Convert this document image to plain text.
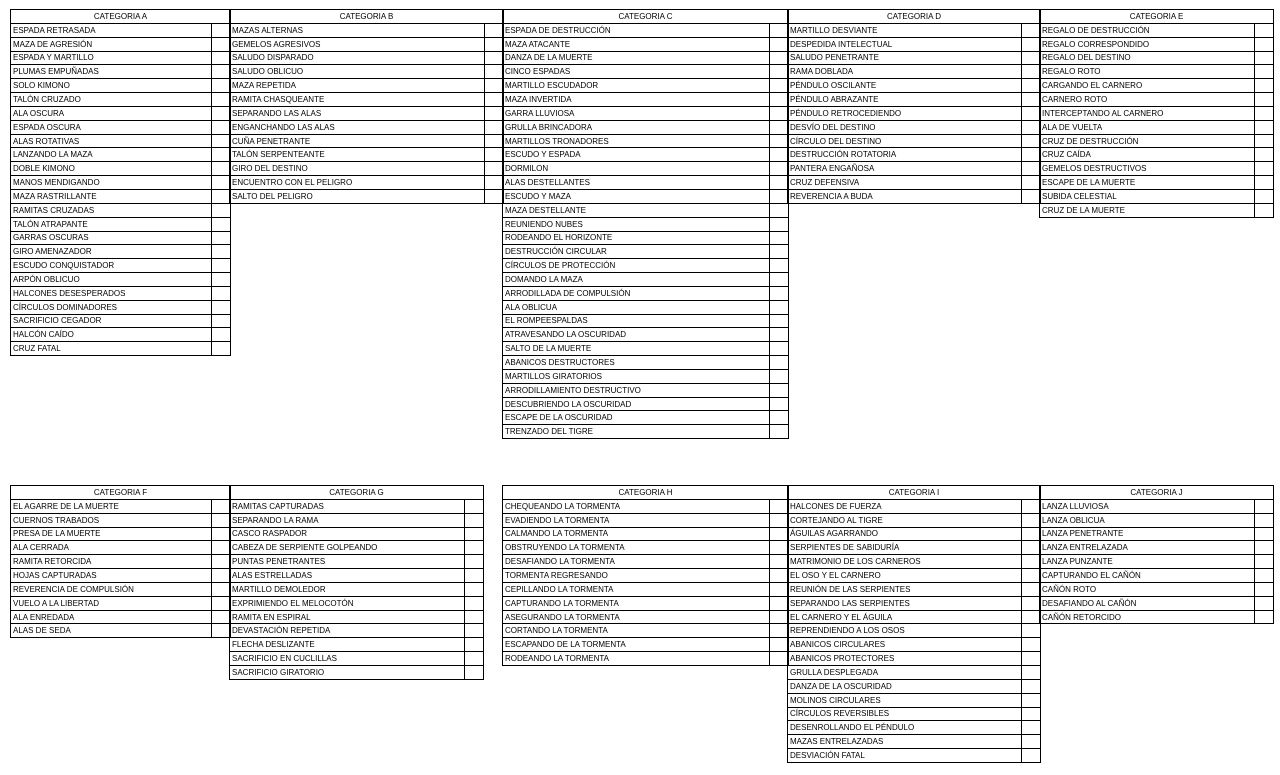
CATEGORIA A	
ESPADA RETRASADA	
MAZA DE AGRESIÓN	
ESPADA Y MARTILLO	
PLUMAS EMPUÑADAS	
SOLO KIMONO	
TALÓN CRUZADO	
ALA OSCURA	
ESPADA OSCURA	
ALAS ROTATIVAS	
LANZANDO LA MAZA	
DOBLE KIMONO	
MANOS MENDIGANDO	
MAZA RASTRILLANTE	
RAMITAS CRUZADAS	
TALÓN ATRAPANTE	
GARRAS OSCURAS	
GIRO AMENAZADOR	
ESCUDO CONQUISTADOR	
ARPÓN OBLICUO	
HALCONES DESESPERADOS	
CÍRCULOS DOMINADORES	
SACRIFICIO CEGADOR	
HALCÓN CAÍDO	
CRUZ FATAL	
CATEGORIA B	
MAZAS ALTERNAS	
GEMELOS AGRESIVOS	
SALUDO DISPARADO	
SALUDO OBLICUO	
MAZA REPETIDA	
RAMITA CHASQUEANTE	
SEPARANDO LAS ALAS	
ENGANCHANDO LAS ALAS	
CUÑA PENETRANTE	
TALÓN SERPENTEANTE	
GIRO DEL DESTINO	
ENCUENTRO CON EL PELIGRO	
SALTO DEL PELIGRO	
CATEGORIA C	
ESPADA DE DESTRUCCIÓN	
MAZA ATACANTE	
DANZA DE LA MUERTE	
CINCO ESPADAS	
MARTILLO ESCUDADOR	
MAZA INVERTIDA	
GARRA LLUVIOSA	
GRULLA BRINCADORA	
MARTILLOS TRONADORES	
ESCUDO Y ESPADA	
DORMILON	
ALAS DESTELLANTES	
ESCUDO Y MAZA	
MAZA DESTELLANTE	
REUNIENDO NUBES	
RODEANDO EL HORIZONTE	
DESTRUCCIÓN CIRCULAR	
CÍRCULOS DE PROTECCIÓN	
DOMANDO LA MAZA	
ARRODILLADA DE COMPULSIÓN	
ALA OBLICUA	
EL ROMPEESPALDAS	
ATRAVESANDO LA OSCURIDAD	
SALTO DE LA MUERTE	
ABANICOS DESTRUCTORES	
MARTILLOS GIRATORIOS	
ARRODILLAMIENTO DESTRUCTIVO	
DESCUBRIENDO LA OSCURIDAD	
ESCAPE DE LA OSCURIDAD	
TRENZADO DEL TIGRE	
CATEGORIA D	
MARTILLO DESVIANTE	
DESPEDIDA INTELECTUAL	
SALUDO PENETRANTE	
RAMA DOBLADA	
PÉNDULO OSCILANTE	
PÉNDULO ABRAZANTE	
PÉNDULO RETROCEDIENDO	
DESVÍO DEL DESTINO	
CÍRCULO DEL DESTINO	
DESTRUCCIÓN ROTATORIA	
PANTERA ENGAÑOSA	
CRUZ DEFENSIVA	
REVERENCIA A BUDA	
CATEGORIA E	
REGALO DE DESTRUCCIÓN	
REGALO CORRESPONDIDO	
REGALO DEL DESTINO	
REGALO ROTO	
CARGANDO EL CARNERO	
CARNERO ROTO	
INTERCEPTANDO AL CARNERO	
ALA DE VUELTA	
CRUZ DE DESTRUCCIÓN	
CRUZ CAÍDA	
GEMELOS DESTRUCTIVOS	
ESCAPE DE LA MUERTE	
SUBIDA CELESTIAL	
CRUZ DE LA MUERTE	
CATEGORIA F	
EL AGARRE DE LA MUERTE	
CUERNOS TRABADOS	
PRESA DE LA MUERTE	
ALA CERRADA	
RAMITA RETORCIDA	
HOJAS CAPTURADAS	
REVERENCIA DE COMPULSIÓN	
VUELO A LA LIBERTAD	
ALA ENREDADA	
ALAS DE SEDA	
CATEGORIA G	
RAMITAS CAPTURADAS	
SEPARANDO LA RAMA	
CASCO RASPADOR	
CABEZA DE SERPIENTE GOLPEANDO	
PUNTAS PENETRANTES	
ALAS ESTRELLADAS	
MARTILLO DEMOLEDOR	
EXPRIMIENDO EL MELOCOTÓN	
RAMITA EN ESPIRAL	
DEVASTACIÓN REPETIDA	
FLECHA DESLIZANTE	
SACRIFICIO EN CUCLILLAS	
SACRIFICIO GIRATORIO	
CATEGORIA H	
CHEQUEANDO LA TORMENTA	
EVADIENDO LA TORMENTA	
CALMANDO LA TORMENTA	
OBSTRUYENDO LA TORMENTA	
DESAFIANDO LA TORMENTA	
TORMENTA REGRESANDO	
CEPILLANDO LA TORMENTA	
CAPTURANDO LA TORMENTA	
ASEGURANDO LA TORMENTA	
CORTANDO LA TORMENTA	
ESCAPANDO DE LA TORMENTA	
RODEANDO LA TORMENTA	
CATEGORIA I	
HALCONES DE FUERZA	
CORTEJANDO AL TIGRE	
ÁGUILAS AGARRANDO	
SERPIENTES DE SABIDURÍA	
MATRIMONIO DE LOS CARNEROS	
EL OSO Y EL CARNERO	
REUNIÓN DE LAS SERPIENTES	
SEPARANDO LAS SERPIENTES	
EL CARNERO Y EL ÁGUILA	
REPRENDIENDO A LOS OSOS	
ABANICOS CIRCULARES	
ABANICOS PROTECTORES	
GRULLA DESPLEGADA	
DANZA DE LA OSCURIDAD	
MOLINOS CIRCULARES	
CÍRCULOS REVERSIBLES	
DESENROLLANDO EL PÉNDULO	
MAZAS ENTRELAZADAS	
DESVIACIÓN FATAL	
CATEGORIA J	
LANZA LLUVIOSA	
LANZA OBLICUA	
LANZA PENETRANTE	
LANZA ENTRELAZADA	
LANZA PUNZANTE	
CAPTURANDO EL CAÑÓN	
CAÑÓN ROTO	
DESAFIANDO AL CAÑÓN	
CAÑÓN RETORCIDO	
